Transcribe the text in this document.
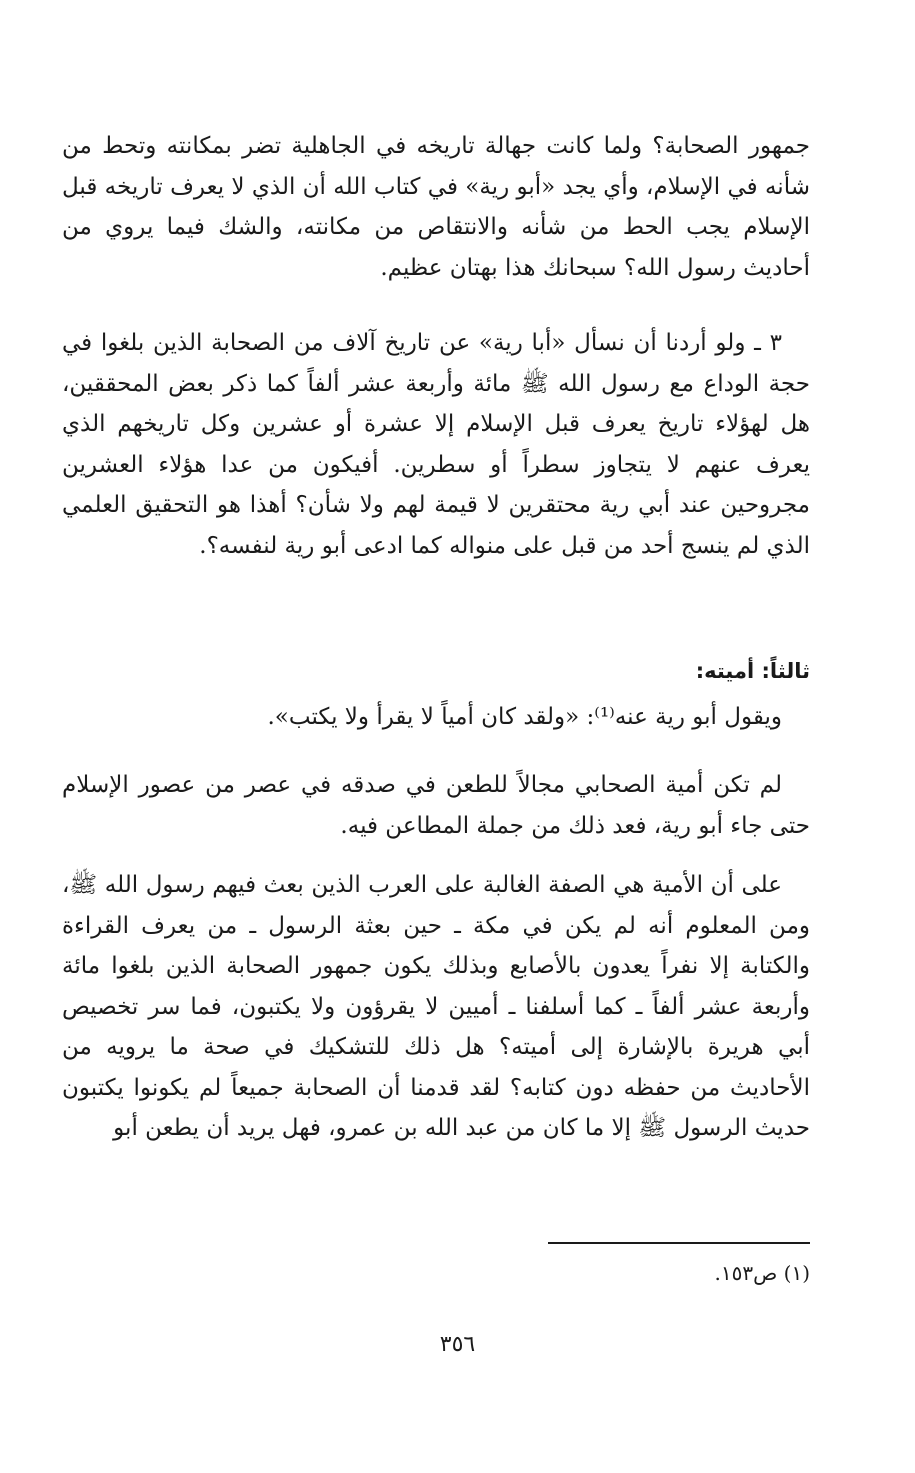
جمهور الصحابة؟ ولما كانت جهالة تاريخه في الجاهلية تضر بمكانته وتحط من شأنه في الإسلام، وأي يجد «أبو رية» في كتاب الله أن الذي لا يعرف تاريخه قبل الإسلام يجب الحط من شأنه والانتقاص من مكانته، والشك فيما يروي من أحاديث رسول الله؟ سبحانك هذا بهتان عظيم.

٣ ـ ولو أردنا أن نسأل «أبا رية» عن تاريخ آلاف من الصحابة الذين بلغوا في حجة الوداع مع رسول الله ﷺ مائة وأربعة عشر ألفاً كما ذكر بعض المحققين، هل لهؤلاء تاريخ يعرف قبل الإسلام إلا عشرة أو عشرين وكل تاريخهم الذي يعرف عنهم لا يتجاوز سطراً أو سطرين. أفيكون من عدا هؤلاء العشرين مجروحين عند أبي رية محتقرين لا قيمة لهم ولا شأن؟ أهذا هو التحقيق العلمي الذي لم ينسج أحد من قبل على منواله كما ادعى أبو رية لنفسه؟.

ثالثاً: أميته:

ويقول أبو رية عنه⁽¹⁾: «ولقد كان أمياً لا يقرأ ولا يكتب».

لم تكن أمية الصحابي مجالاً للطعن في صدقه في عصر من عصور الإسلام حتى جاء أبو رية، فعد ذلك من جملة المطاعن فيه.

على أن الأمية هي الصفة الغالبة على العرب الذين بعث فيهم رسول الله ﷺ، ومن المعلوم أنه لم يكن في مكة ـ حين بعثة الرسول ـ من يعرف القراءة والكتابة إلا نفراً يعدون بالأصابع وبذلك يكون جمهور الصحابة الذين بلغوا مائة وأربعة عشر ألفاً ـ كما أسلفنا ـ أميين لا يقرؤون ولا يكتبون، فما سر تخصيص أبي هريرة بالإشارة إلى أميته؟ هل ذلك للتشكيك في صحة ما يرويه من الأحاديث من حفظه دون كتابه؟ لقد قدمنا أن الصحابة جميعاً لم يكونوا يكتبون حديث الرسول ﷺ إلا ما كان من عبد الله بن عمرو، فهل يريد أن يطعن أبو

(١) ص١٥٣.
٣٥٦
